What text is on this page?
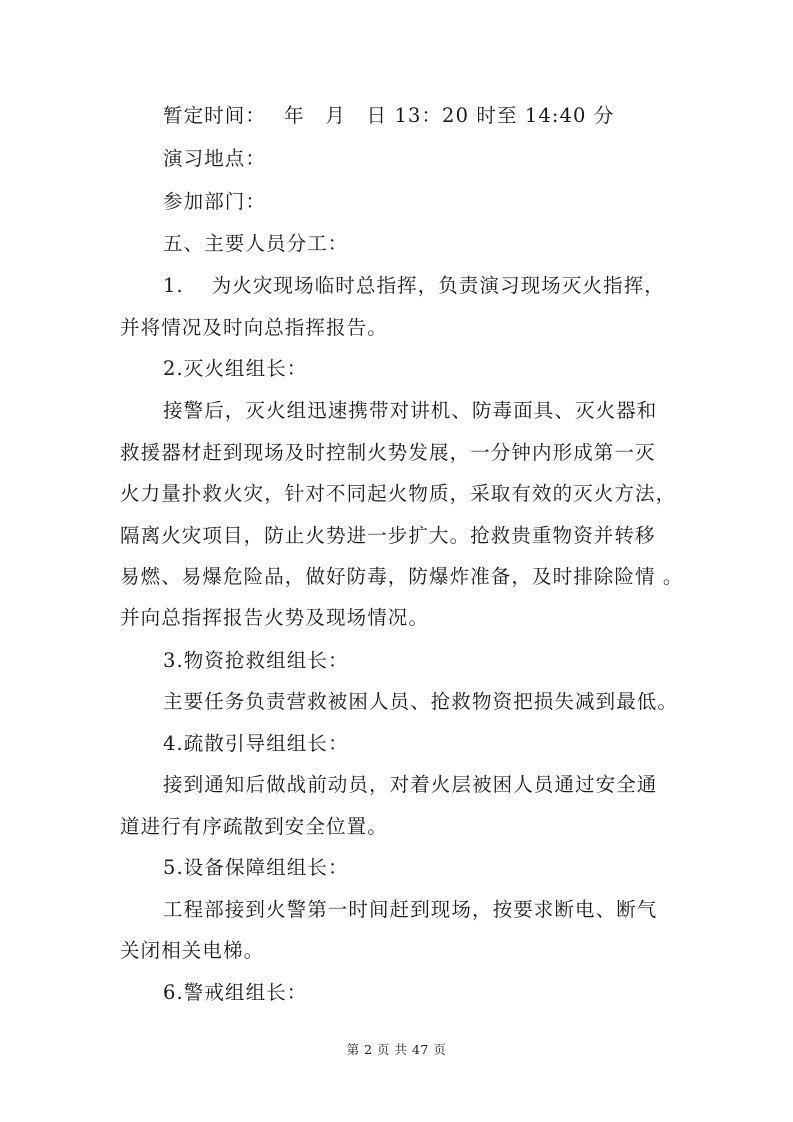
暂定时间：　 年　月　日 13：20 时至 14:40 分
演习地点：
参加部门：
五、主要人员分工：
1.　 为火灾现场临时总指挥，负责演习现场灭火指挥，
并将情况及时向总指挥报告。
2.灭火组组长：
接警后，灭火组迅速携带对讲机、防毒面具、灭火器和
救援器材赶到现场及时控制火势发展，一分钟内形成第一灭
火力量扑救火灾，针对不同起火物质，采取有效的灭火方法，
隔离火灾项目，防止火势进一步扩大。抢救贵重物资并转移
易燃、易爆危险品，做好防毒，防爆炸准备，及时排除险情 。
并向总指挥报告火势及现场情况。
3.物资抢救组组长：
主要任务负责营救被困人员、抢救物资把损失减到最低。
4.疏散引导组组长：
接到通知后做战前动员，对着火层被困人员通过安全通
道进行有序疏散到安全位置。
5.设备保障组组长：
工程部接到火警第一时间赶到现场，按要求断电、断气
关闭相关电梯。
6.警戒组组长：
第 2 页 共 47 页
